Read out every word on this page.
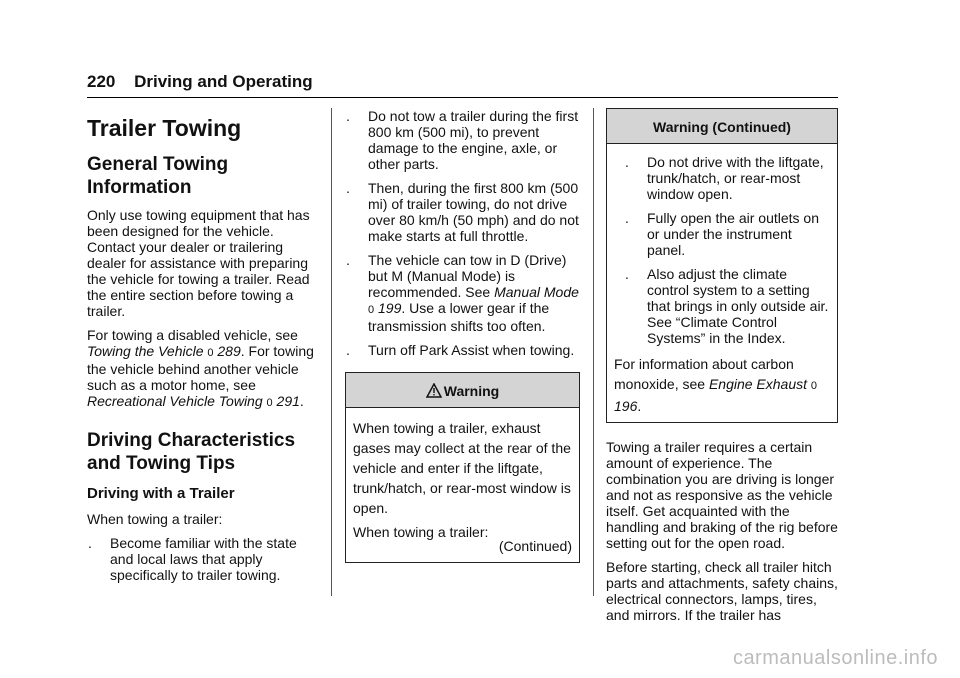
220 Driving and Operating

Trailer Towing

General Towing

Information

Only use towing equipment that has been designed for the vehicle. Contact your dealer or trailering dealer for assistance with preparing the vehicle for towing a trailer. Read the entire section before towing a trailer.

For towing a disabled vehicle, see Towing the Vehicle 0 289. For towing the vehicle behind another vehicle such as a motor home, see Recreational Vehicle Towing 0 291.

Driving Characteristics

and Towing Tips

Driving with a Trailer

When towing a trailer:

. Become familiar with the state and local laws that apply specifically to trailer towing.

. Do not tow a trailer during the first 800 km (500 mi), to prevent damage to the engine, axle, or other parts.

. Then, during the first 800 km (500 mi) of trailer towing, do not drive over 80 km/h (50 mph) and do not make starts at full throttle.

. The vehicle can tow in D (Drive) but M (Manual Mode) is recommended. See Manual Mode 0 199. Use a lower gear if the transmission shifts too often.

. Turn off Park Assist when towing.

Warning

When towing a trailer, exhaust gases may collect at the rear of the vehicle and enter if the liftgate, trunk/hatch, or rear-most window is open.

When towing a trailer:

(Continued)

Warning (Continued)

. Do not drive with the liftgate, trunk/hatch, or rear-most window open.

. Fully open the air outlets on or under the instrument panel.

. Also adjust the climate control system to a setting that brings in only outside air. See “Climate Control Systems” in the Index.

For information about carbon monoxide, see Engine Exhaust 0 196.

Towing a trailer requires a certain amount of experience. The combination you are driving is longer and not as responsive as the vehicle itself. Get acquainted with the handling and braking of the rig before setting out for the open road.

Before starting, check all trailer hitch parts and attachments, safety chains, electrical connectors, lamps, tires, and mirrors. If the trailer has

carmanualsonline.info
